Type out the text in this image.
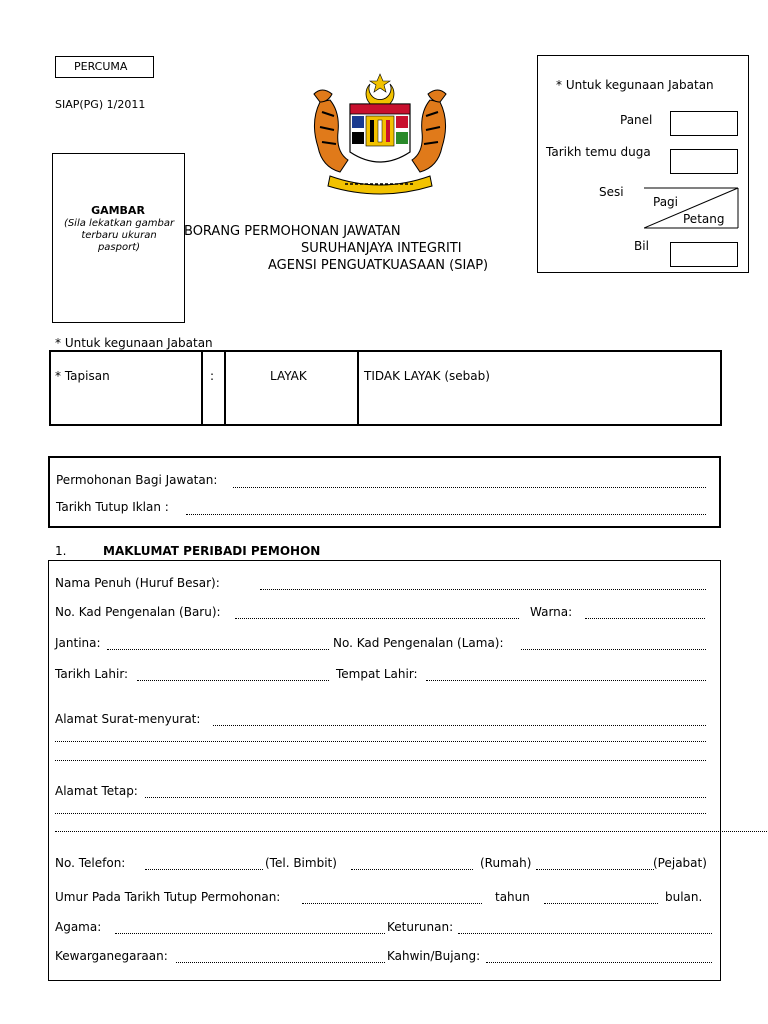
PERCUMA
SIAP(PG) 1/2011
GAMBAR
(Sila lekatkan gambar terbaru ukuran pasport)
BORANG PERMOHONAN JAWATAN
SURUHANJAYA INTEGRITI
AGENSI PENGUATKUASAAN (SIAP)
* Untuk kegunaan Jabatan
Panel
Tarikh temu duga
Sesi
Pagi
Petang
Bil
* Untuk kegunaan Jabatan
* Tapisan	:	LAYAK	TIDAK LAYAK (sebab)
Permohonan Bagi Jawatan:
Tarikh Tutup Iklan :
1.	MAKLUMAT PERIBADI PEMOHON
Nama Penuh (Huruf Besar):
No. Kad Pengenalan (Baru):	Warna:
Jantina:	No. Kad Pengenalan (Lama):
Tarikh Lahir:	Tempat Lahir:
Alamat Surat-menyurat:
Alamat Tetap:
No. Telefon:	(Tel. Bimbit)	(Rumah)	(Pejabat)
Umur Pada Tarikh Tutup Permohonan:	tahun	bulan.
Agama:	Keturunan:
Kewarganegaraan:	Kahwin/Bujang:
